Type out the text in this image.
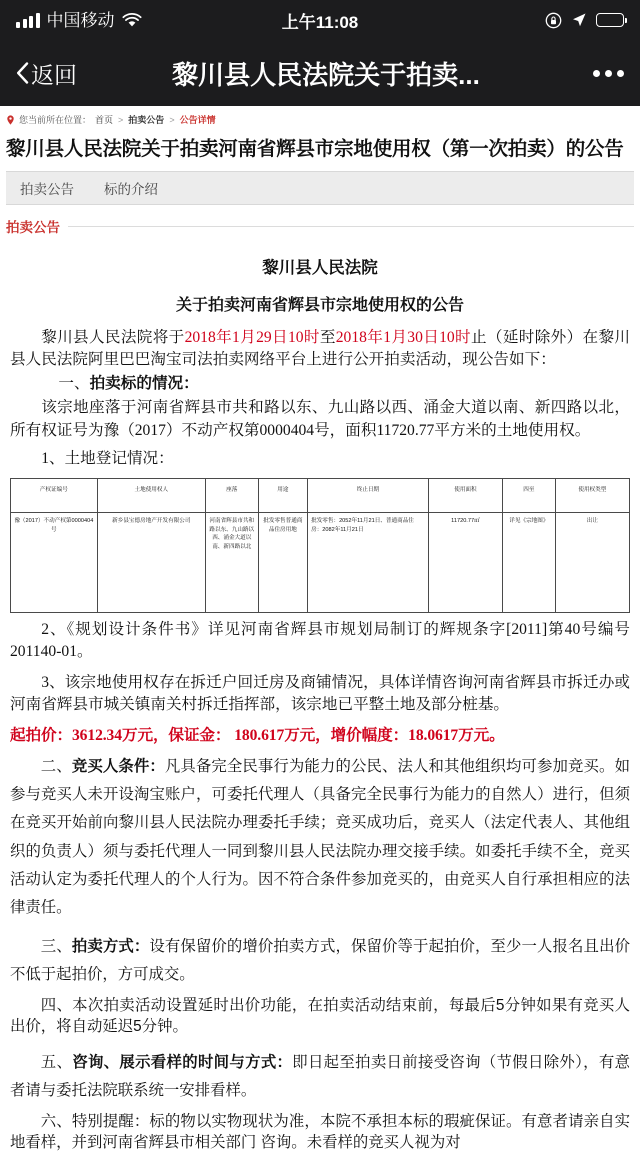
中国移动	上午11:08
返回	黎川县人民法院关于拍卖...
您当前所在位置： 首页 > 拍卖公告 > 公告详情
黎川县人民法院关于拍卖河南省辉县市宗地使用权（第一次拍卖）的公告
拍卖公告	标的介绍
拍卖公告
黎川县人民法院
关于拍卖河南省辉县市宗地使用权的公告

黎川县人民法院将于2018年1月29日10时至2018年1月30日10时止（延时除外）在黎川县人民法院阿里巴巴淘宝司法拍卖网络平台上进行公开拍卖活动，现公告如下：

一、拍卖标的情况：

该宗地座落于河南省辉县市共和路以东、九山路以西、涌金大道以南、新四路以北，所有权证号为豫（2017）不动产权第0000404号，面积11720.77平方米的土地使用权。

1、土地登记情况：

产权证编号	土地使用权人	座落	用途	终止日期	使用面积	四至	使用权类型
豫（2017）不动产权第0000404号	新乡县宝德房地产开发有限公司	河南省辉县市共和路以东、九山路以西、涌金大道以南、新四路以北	批发零售普通商品住房用地	批发零售：2052年11月21日、普通商品住房：2082年11月21日	11720.77㎡	详见《宗地图》	出让

2、《规划设计条件书》详见河南省辉县市规划局制订的辉规条字[2011]第40号编号201140-01。

3、该宗地使用权存在拆迁户回迁房及商铺情况，具体详情咨询河南省辉县市拆迁办或河南省辉县市城关镇南关村拆迁指挥部，该宗地已平整土地及部分桩基。

起拍价：3612.34万元，保证金： 180.617万元，增价幅度：18.0617万元。

二、竞买人条件：凡具备完全民事行为能力的公民、法人和其他组织均可参加竞买。如参与竞买人未开设淘宝账户，可委托代理人（具备完全民事行为能力的自然人）进行，但须在竞买开始前向黎川县人民法院办理委托手续；竞买成功后，竞买人（法定代表人、其他组织的负责人）须与委托代理人一同到黎川县人民法院办理交接手续。如委托手续不全，竞买活动认定为委托代理人的个人行为。因不符合条件参加竞买的，由竞买人自行承担相应的法律责任。

三、拍卖方式：设有保留价的增价拍卖方式，保留价等于起拍价，至少一人报名且出价不低于起拍价，方可成交。

四、本次拍卖活动设置延时出价功能，在拍卖活动结束前，每最后5分钟如果有竞买人出价，将自动延迟5分钟。

五、咨询、展示看样的时间与方式：即日起至拍卖日前接受咨询（节假日除外），有意者请与委托法院联系统一安排看样。

六、特别提醒：标的物以实物现状为准，本院不承担本标的瑕疵保证。有意者请亲自实地看样，并到河南省辉县市相关部门 咨询。未看样的竞买人视为对
